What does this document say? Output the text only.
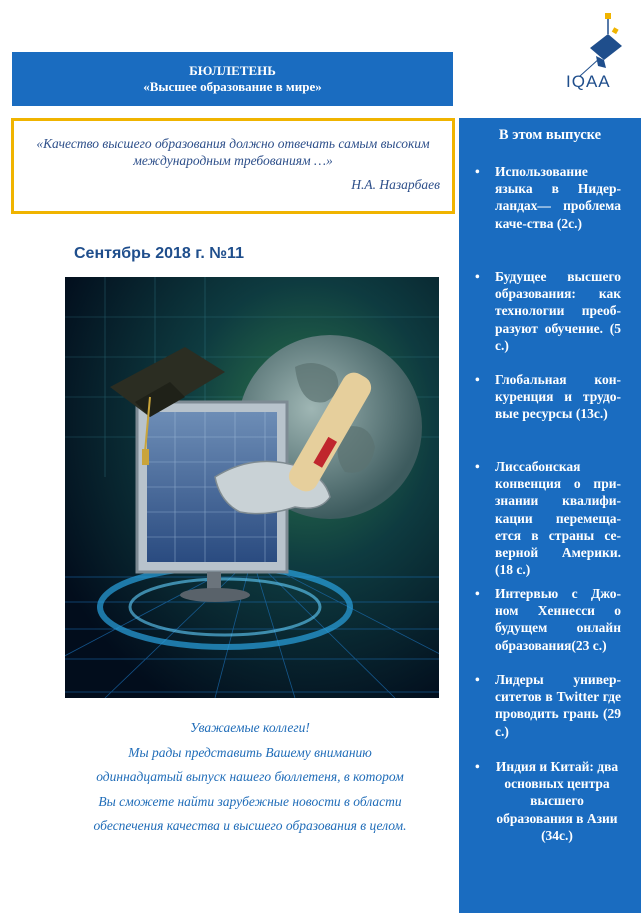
БЮЛЛЕТЕНЬ
«Высшее образование в мире»	IQAA
«Качество высшего образования должно отвечать самым высоким международным требованиям …»
Н.А. Назарбаев
Сентябрь 2018 г. №11
Уважаемые коллеги!
Мы рады представить Вашему вниманию
одиннадцатый выпуск нашего бюллетеня, в котором
Вы сможете найти зарубежные новости в области
обеспечения качества и высшего образования в целом.
В этом выпуске
• Использование языка в Нидер-ландах— проблема каче-ства (2с.)
• Будущее высшего образования: как технологии преоб-разуют обучение. (5 с.)
• Глобальная кон-куренция и трудо-вые ресурсы (13с.)
• Лиссабонская конвенция о при-знании квалифи-кации перемеща-ется в страны се-верной Америки. (18 с.)
• Интервью с Джо-ном Хеннесси о будущем онлайн образования(23 с.)
• Лидеры универ-ситетов в Twitter где проводить грань (29 с.)
• Индия и Китай: два основных центра высшего образования в Азии (34с.)
